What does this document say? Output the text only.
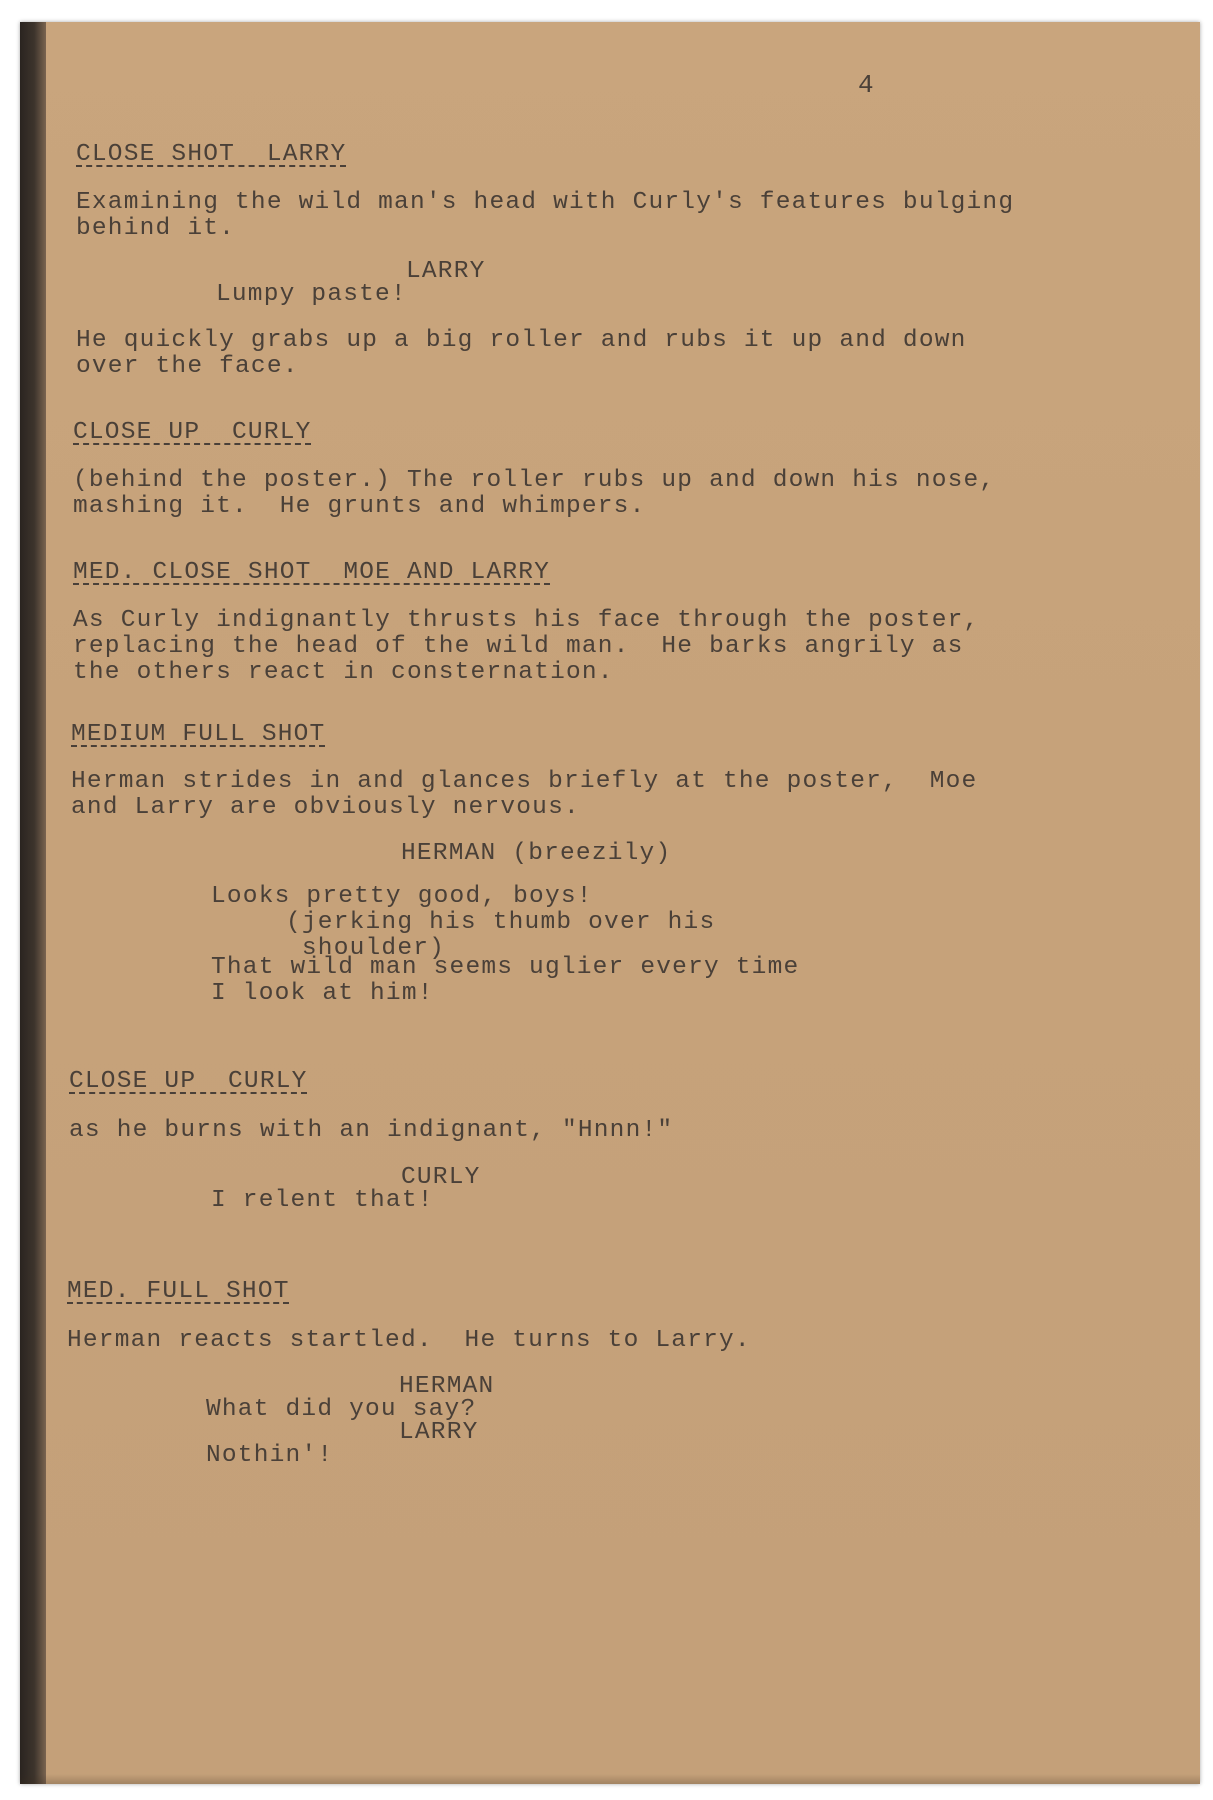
4
CLOSE SHOT  LARRY
Examining the wild man's head with Curly's features bulging
behind it.
LARRY
Lumpy paste!
He quickly grabs up a big roller and rubs it up and down
over the face.
CLOSE UP  CURLY
(behind the poster.) The roller rubs up and down his nose,
mashing it.  He grunts and whimpers.
MED. CLOSE SHOT  MOE AND LARRY
As Curly indignantly thrusts his face through the poster,
replacing the head of the wild man.  He barks angrily as
the others react in consternation.
MEDIUM FULL SHOT
Herman strides in and glances briefly at the poster,  Moe
and Larry are obviously nervous.
HERMAN (breezily)
Looks pretty good, boys!
(jerking his thumb over his
shoulder)
That wild man seems uglier every time
I look at him!
CLOSE UP  CURLY
as he burns with an indignant, "Hnnn!"
CURLY
I relent that!
MED. FULL SHOT
Herman reacts startled.  He turns to Larry.
HERMAN
What did you say?
LARRY
Nothin'!
